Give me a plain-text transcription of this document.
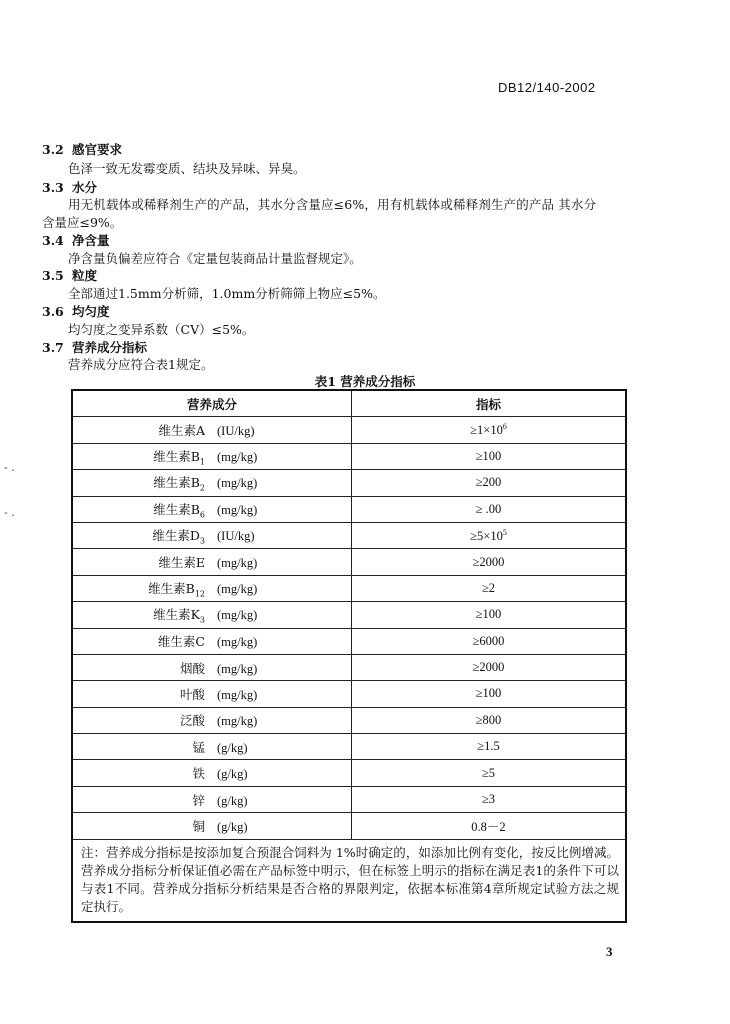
DB12/140-2002
3.2 感官要求
色泽一致无发霉变质、结块及异味、异臭。
3.3 水分
用无机载体或稀释剂生产的产品，其水分含量应≤6%，用有机载体或稀释剂生产的产品 其水分
含量应≤9%。
3.4 净含量
净含量负偏差应符合《定量包装商品计量监督规定》。
3.5 粒度
全部通过1.5mm分析筛，1.0mm分析筛筛上物应≤5%。
3.6 均匀度
均匀度之变异系数（CV）≤5%。
3.7 营养成分指标
营养成分应符合表1规定。
表1 营养成分指标
营养成分	指标
维生素A (IU/kg)	$\ge 1\times 10^6$
维生素$B_1$ (mg/kg)	≥100
维生素$B_2$ (mg/kg)	≥200
维生素$B_6$ (mg/kg)	≥ .00
维生素$D_3$ (IU/kg)	$\ge 5\times 10^5$
维生素E (mg/kg)	≥2000
维生素$B_{12}$ (mg/kg)	≥2
维生素$K_3$ (mg/kg)	≥100
维生素C (mg/kg)	≥6000
烟酸 (mg/kg)	≥2000
叶酸 (mg/kg)	≥100
泛酸 (mg/kg)	≥800
锰 (g/kg)	≥1.5
铁 (g/kg)	≥5
锌 (g/kg)	≥3
铜 (g/kg)	0.8－2
注：营养成分指标是按添加复合预混合饲料为 1%时确定的，如添加比例有变化，按反比例增减。营养成分指标分析保证值必需在产品标签中明示，但在标签上明示的指标在满足表1的条件下可以与表1不同。营养成分指标分析结果是否合格的界限判定，依据本标准第4章所规定试验方法之规定执行。	
- .
- .
3
